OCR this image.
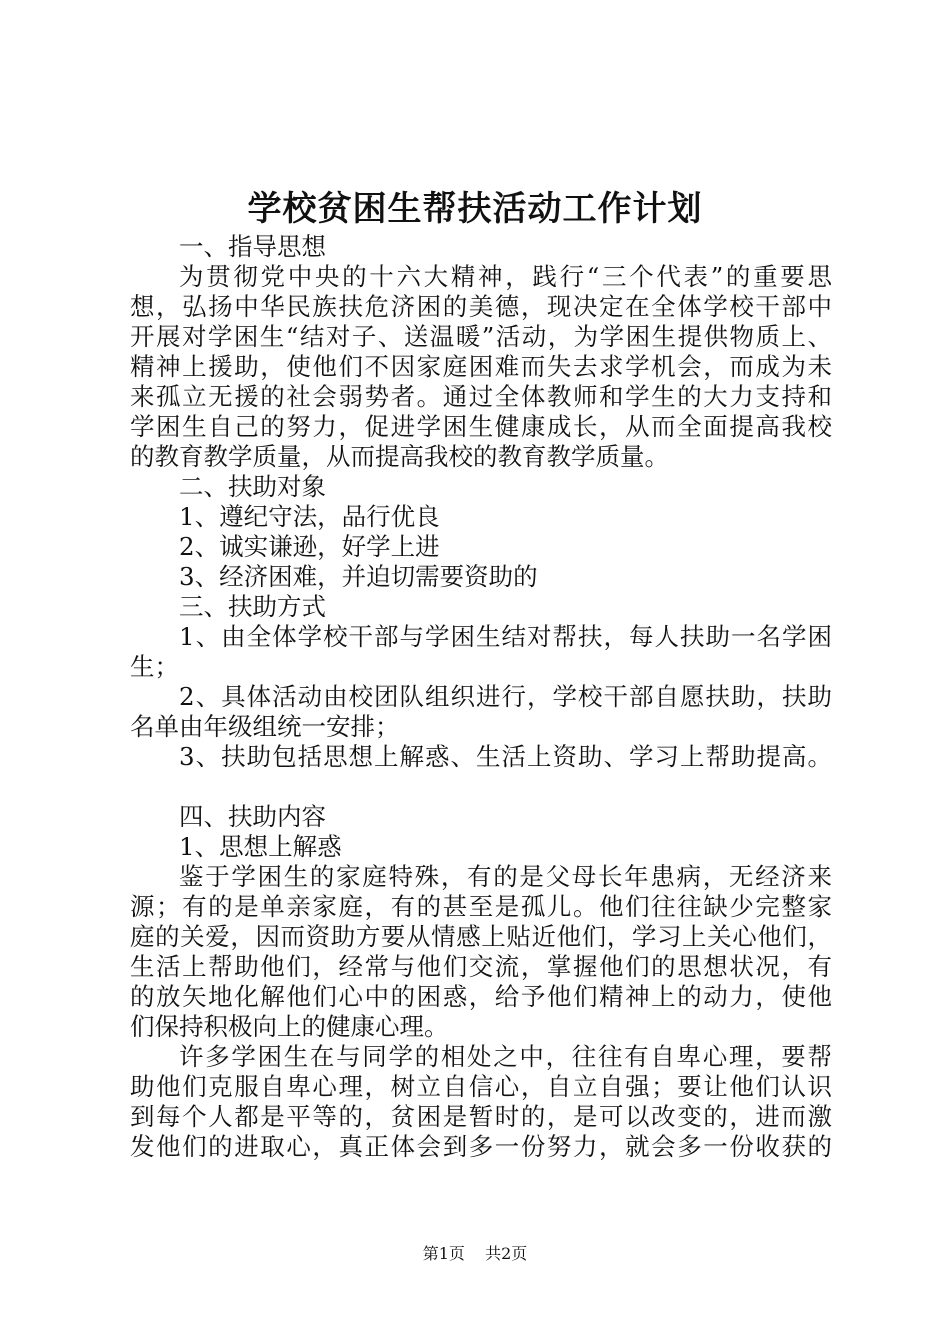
学校贫困生帮扶活动工作计划
一、指导思想
为贯彻党中央的十六大精神，践行“三个代表”的重要思
想，弘扬中华民族扶危济困的美德，现决定在全体学校干部中
开展对学困生“结对子、送温暖”活动，为学困生提供物质上、
精神上援助，使他们不因家庭困难而失去求学机会，而成为未
来孤立无援的社会弱势者。通过全体教师和学生的大力支持和
学困生自己的努力，促进学困生健康成长，从而全面提高我校
的教育教学质量，从而提高我校的教育教学质量。
二、扶助对象
1、遵纪守法，品行优良
2、诚实谦逊，好学上进
3、经济困难，并迫切需要资助的
三、扶助方式
1、由全体学校干部与学困生结对帮扶，每人扶助一名学困
生；
2、具体活动由校团队组织进行，学校干部自愿扶助，扶助
名单由年级组统一安排；
3、扶助包括思想上解惑、生活上资助、学习上帮助提高。
四、扶助内容
1、思想上解惑
鉴于学困生的家庭特殊，有的是父母长年患病，无经济来
源；有的是单亲家庭，有的甚至是孤儿。他们往往缺少完整家
庭的关爱，因而资助方要从情感上贴近他们，学习上关心他们，
生活上帮助他们，经常与他们交流，掌握他们的思想状况，有
的放矢地化解他们心中的困惑，给予他们精神上的动力，使他
们保持积极向上的健康心理。
许多学困生在与同学的相处之中，往往有自卑心理，要帮
助他们克服自卑心理，树立自信心，自立自强；要让他们认识
到每个人都是平等的，贫困是暂时的，是可以改变的，进而激
发他们的进取心，真正体会到多一份努力，就会多一份收获的
第1页 共2页
